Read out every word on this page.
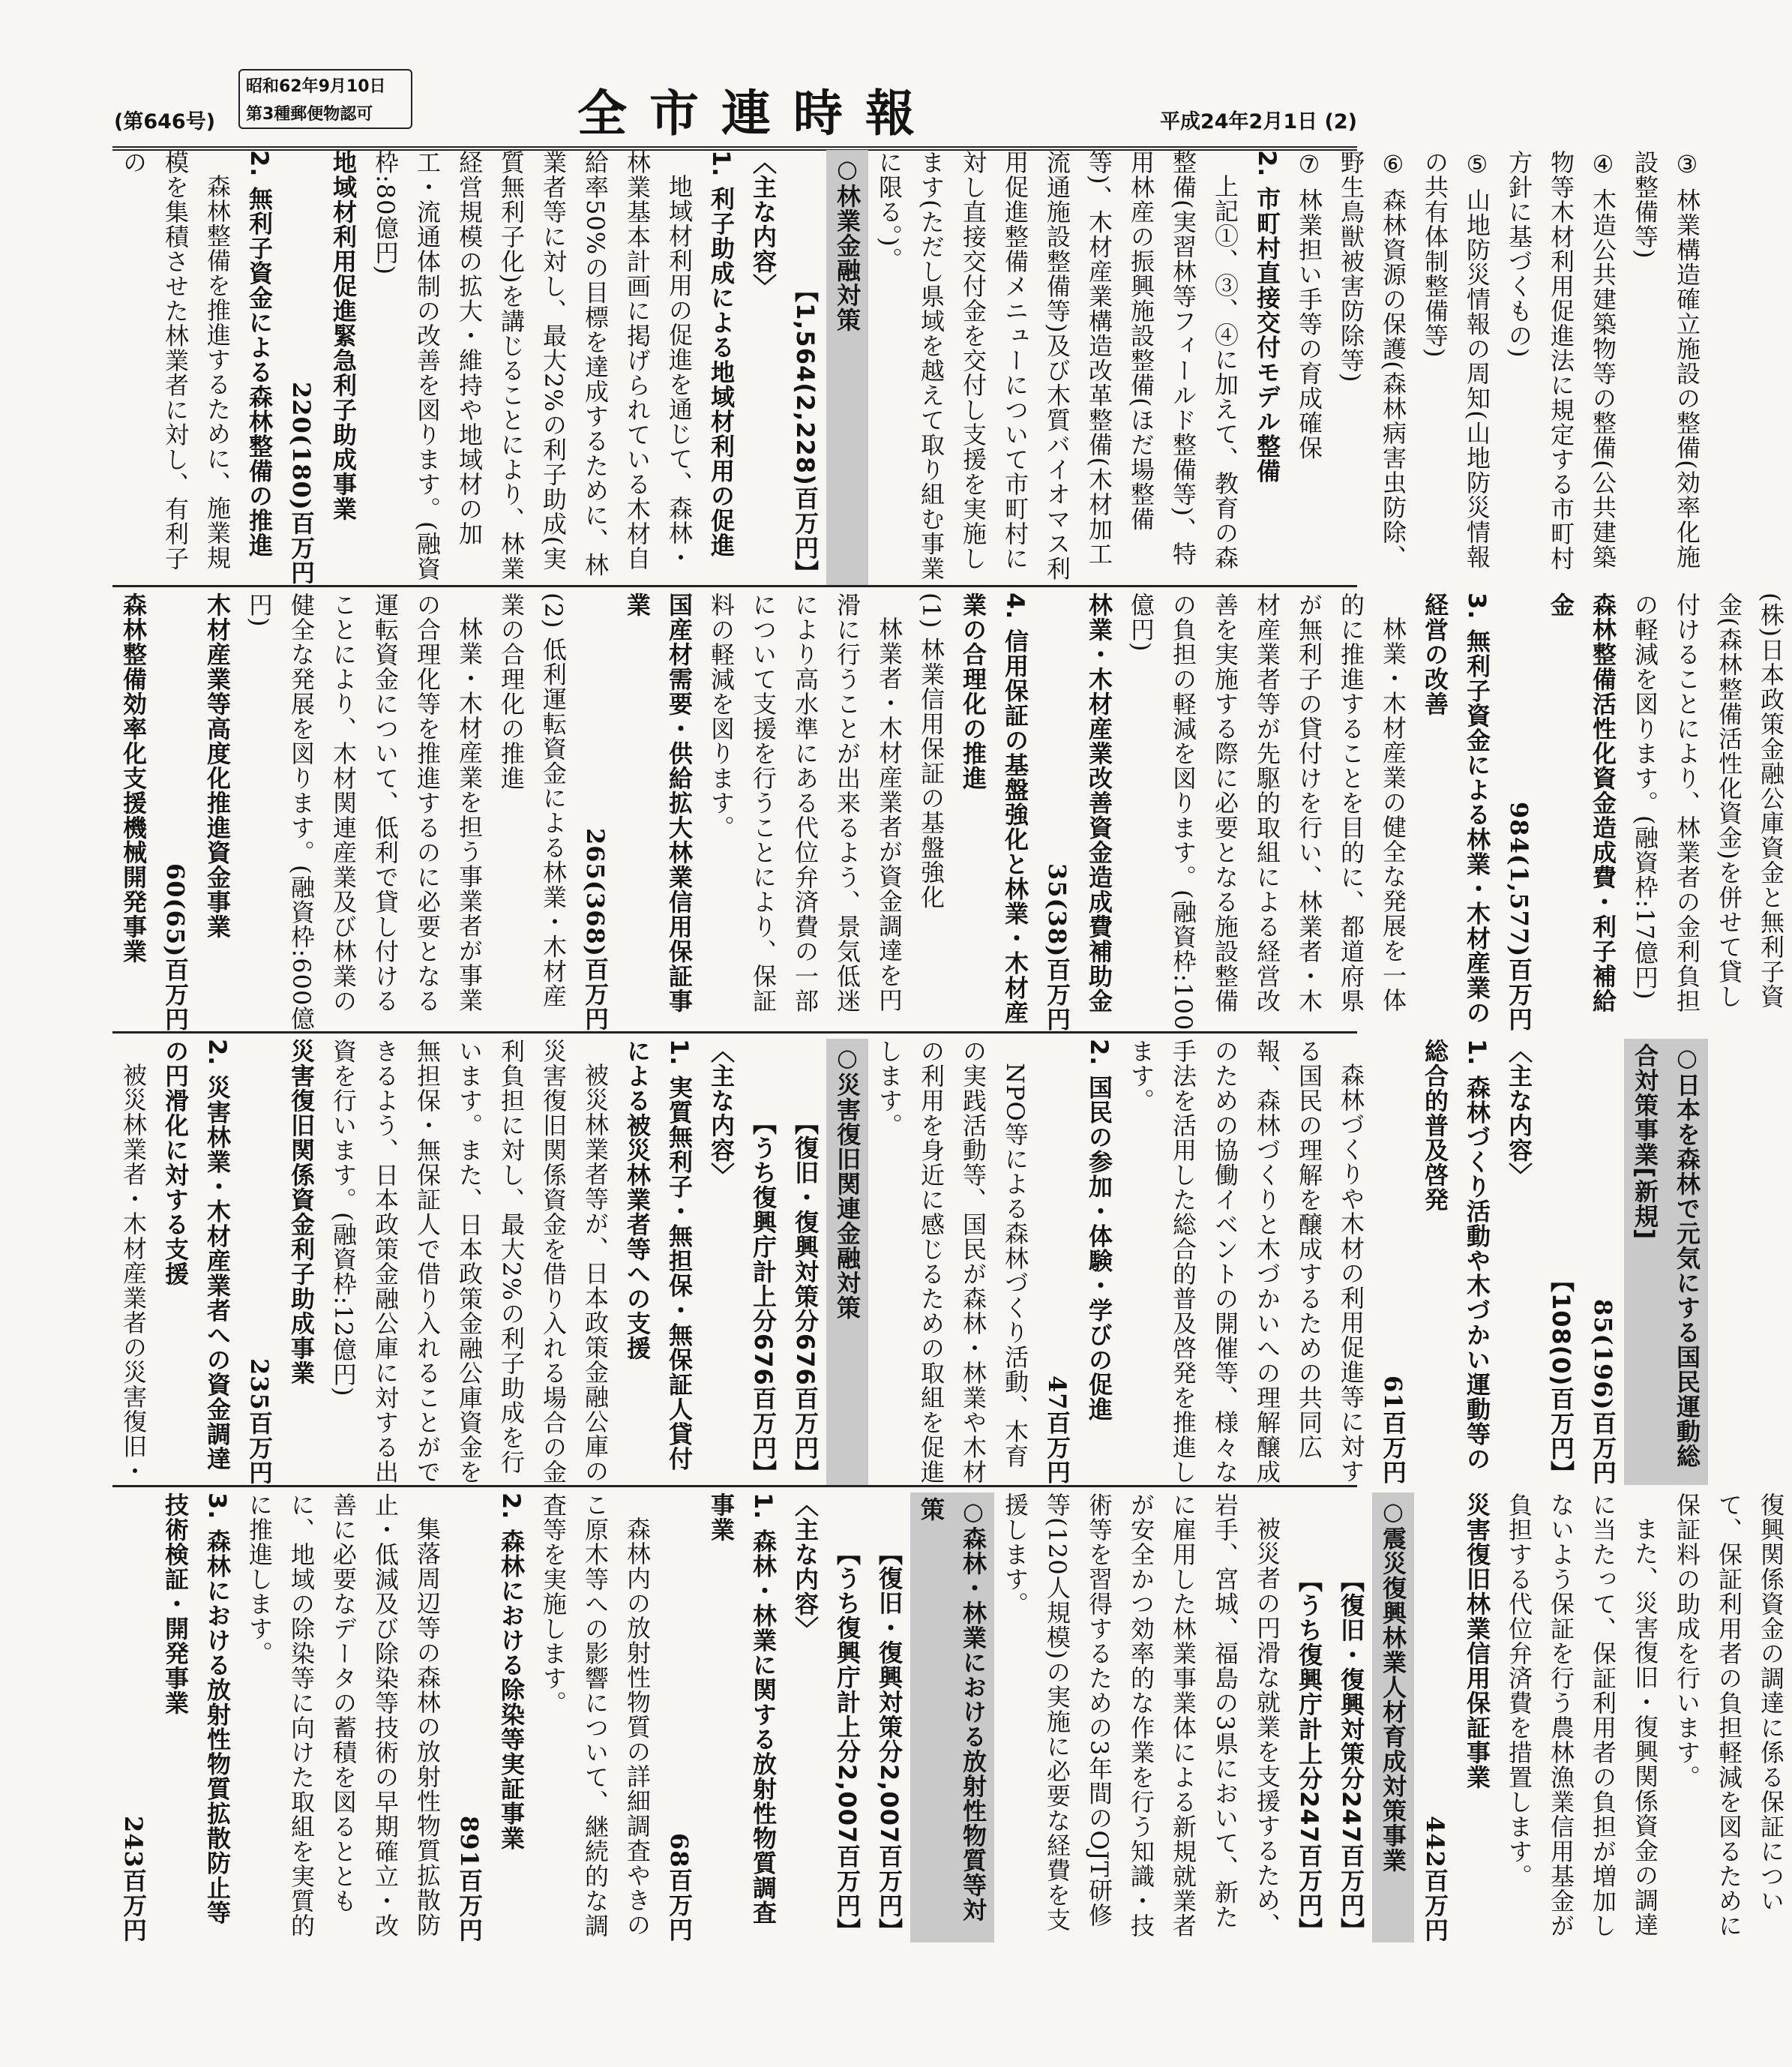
(第646号)
昭和62年9月10日
第3種郵便物認可	全市連時報	平成24年2月1日 (2)

③ 林業構造確立施設の整備(効率化施設整備等)

④ 木造公共建築物等の整備(公共建築物等木材利用促進法に規定する市町村方針に基づくもの)

⑤ 山地防災情報の周知(山地防災情報の共有体制整備等)

⑥ 森林資源の保護(森林病害虫防除、野生鳥獣被害防除等)

⑦ 林業担い手等の育成確保

2. 市町村直接交付モデル整備

上記①、③、④に加えて、教育の森整備(実習林等フィールド整備等)、特用林産の振興施設整備(ほだ場整備等)、木材産業構造改革整備(木材加工流通施設整備等)及び木質バイオマス利用促進整備メニューについて市町村に対し直接交付金を交付し支援を実施します(ただし県域を越えて取り組む事業に限る。)。

○林業金融対策

【1,564(2,228)百万円】

〈主な内容〉

1. 利子助成による地域材利用の促進

地域材利用の促進を通じて、森林・林業基本計画に掲げられている木材自給率50%の目標を達成するために、林業者等に対し、最大2%の利子助成(実質無利子化)を講じることにより、林業経営規模の拡大・維持や地域材の加工・流通体制の改善を図ります。(融資枠:80億円)

地域材利用促進緊急利子助成事業

220(180)百万円

2. 無利子資金による森林整備の推進

森林整備を推進するために、施業規模を集積させた林業者に対し、有利子の

(株)日本政策金融公庫資金と無利子資金(森林整備活性化資金)を併せて貸し付けることにより、林業者の金利負担の軽減を図ります。(融資枠:17億円)

森林整備活性化資金造成費・利子補給金

984(1,577)百万円

3. 無利子資金による林業・木材産業の経営の改善

林業・木材産業の健全な発展を一体的に推進することを目的に、都道府県が無利子の貸付けを行い、林業者・木材産業者等が先駆的取組による経営改善を実施する際に必要となる施設整備の負担の軽減を図ります。(融資枠:100億円)

林業・木材産業改善資金造成費補助金

35(38)百万円

4. 信用保証の基盤強化と林業・木材産業の合理化の推進

(1) 林業信用保証の基盤強化

林業者・木材産業者が資金調達を円滑に行うことが出来るよう、景気低迷により高水準にある代位弁済費の一部について支援を行うことにより、保証料の軽減を図ります。

国産材需要・供給拡大林業信用保証事業

265(368)百万円

(2) 低利運転資金による林業・木材産業の合理化の推進

林業・木材産業を担う事業者が事業の合理化等を推進するのに必要となる運転資金について、低利で貸し付けることにより、木材関連産業及び林業の健全な発展を図ります。(融資枠:600億円)

木材産業等高度化推進資金事業

60(65)百万円

森林整備効率化支援機械開発事業

○日本を森林で元気にする国民運動総合対策事業[新規]

85(196)百万円

【108(0)百万円】

〈主な内容〉

1. 森林づくり活動や木づかい運動等の総合的普及啓発

61百万円

森林づくりや木材の利用促進等に対する国民の理解を醸成するための共同広報、森林づくりと木づかいへの理解醸成のための協働イベントの開催等、様々な手法を活用した総合的普及啓発を推進します。

2. 国民の参加・体験・学びの促進

47百万円

NPO等による森林づくり活動、木育の実践活動等、国民が森林・林業や木材の利用を身近に感じるための取組を促進します。

○災害復旧関連金融対策

【復旧・復興対策分676百万円】

【うち復興庁計上分676百万円】

〈主な内容〉

1. 実質無利子・無担保・無保証人貸付による被災林業者等への支援

被災林業者等が、日本政策金融公庫の災害復旧関係資金を借り入れる場合の金利負担に対し、最大2%の利子助成を行います。また、日本政策金融公庫資金を無担保・無保証人で借り入れることができるよう、日本政策金融公庫に対する出資を行います。(融資枠:12億円)

災害復旧関係資金利子助成事業

235百万円

2. 災害林業・木材産業者への資金調達の円滑化に対する支援

被災林業者・木材産業者の災害復旧・

復興関係資金の調達に係る保証について、保証利用者の負担軽減を図るために保証料の助成を行います。

また、災害復旧・復興関係資金の調達に当たって、保証利用者の負担が増加しないよう保証を行う農林漁業信用基金が負担する代位弁済費を措置します。

災害復旧林業信用保証事業

442百万円

○震災復興林業人材育成対策事業

【復旧・復興対策分247百万円】

【うち復興庁計上分247百万円】

被災者の円滑な就業を支援するため、岩手、宮城、福島の3県において、新たに雇用した林業事業体による新規就業者が安全かつ効率的な作業を行う知識・技術等を習得するための3年間のOJT研修等(120人規模)の実施に必要な経費を支援します。

○森林・林業における放射性物質等対策

【復旧・復興対策分2,007百万円】

【うち復興庁計上分2,007百万円】

〈主な内容〉

1. 森林・林業に関する放射性物質調査事業

68百万円

森林内の放射性物質の詳細調査やきのこ原木等への影響について、継続的な調査等を実施します。

2. 森林における除染等実証事業

891百万円

集落周辺等の森林の放射性物質拡散防止・低減及び除染等技術の早期確立・改善に必要なデータの蓄積を図るとともに、地域の除染等に向けた取組を実質的に推進します。

3. 森林における放射性物質拡散防止等技術検証・開発事業

243百万円
